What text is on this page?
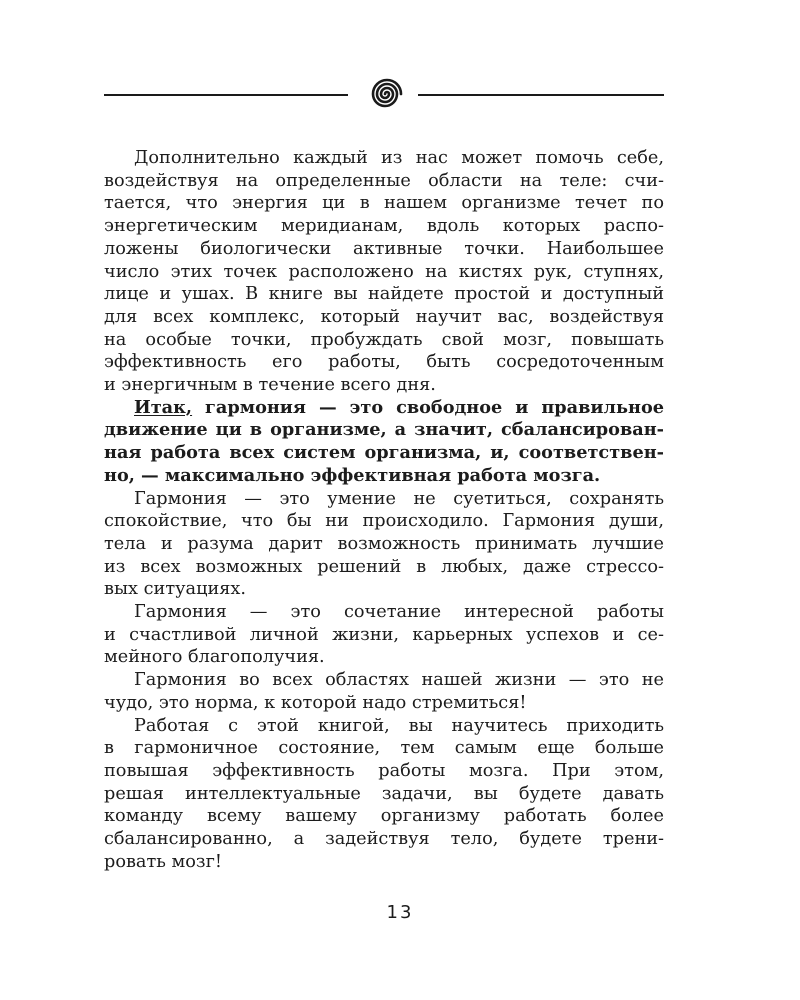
Дополнительно каждый из нас может помочь себе,
воздействуя на определенные области на теле: счи-
тается, что энергия ци в нашем организме течет по
энергетическим меридианам, вдоль которых распо-
ложены биологически активные точки. Наибольшее
число этих точек расположено на кистях рук, ступнях,
лице и ушах. В книге вы найдете простой и доступный
для всех комплекс, который научит вас, воздействуя
на особые точки, пробуждать свой мозг, повышать
эффективность его работы, быть сосредоточенным
и энергичным в течение всего дня.
Итак, гармония — это свободное и правильное
движение ци в организме, а значит, сбалансирован-
ная работа всех систем организма, и, соответствен-
но, — максимально эффективная работа мозга.
Гармония — это умение не суетиться, сохранять
спокойствие, что бы ни происходило. Гармония души,
тела и разума дарит возможность принимать лучшие
из всех возможных решений в любых, даже стрессо-
вых ситуациях.
Гармония — это сочетание интересной работы
и счастливой личной жизни, карьерных успехов и се-
мейного благополучия.
Гармония во всех областях нашей жизни — это не
чудо, это норма, к которой надо стремиться!
Работая с этой книгой, вы научитесь приходить
в гармоничное состояние, тем самым еще больше
повышая эффективность работы мозга. При этом,
решая интеллектуальные задачи, вы будете давать
команду всему вашему организму работать более
сбалансированно, а задействуя тело, будете трени-
ровать мозг!
13
